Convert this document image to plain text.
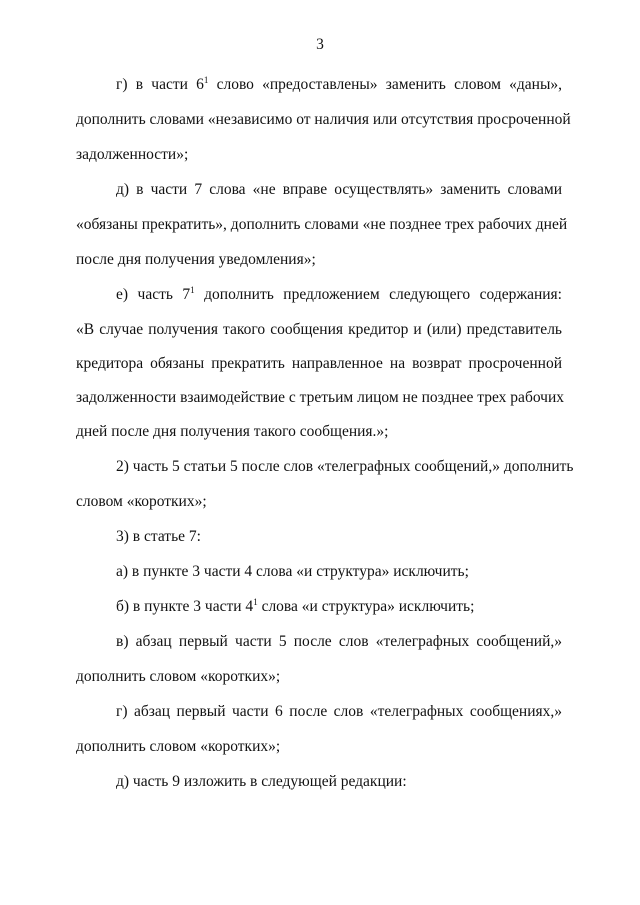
3
г) в части $6^1$ слово «предоставлены» заменить словом «даны»,
дополнить словами «независимо от наличия или отсутствия просроченной
задолженности»;
д) в части 7 слова «не вправе осуществлять» заменить словами
«обязаны прекратить», дополнить словами «не позднее трех рабочих дней
после дня получения уведомления»;
е) часть $7^1$ дополнить предложением следующего содержания:
«В случае получения такого сообщения кредитор и (или) представитель
кредитора обязаны прекратить направленное на возврат просроченной
задолженности взаимодействие с третьим лицом не позднее трех рабочих
дней после дня получения такого сообщения.»;
2) часть 5 статьи 5 после слов «телеграфных сообщений,» дополнить
словом «коротких»;
3) в статье 7:
а) в пункте 3 части 4 слова «и структура» исключить;
б) в пункте 3 части $4^1$ слова «и структура» исключить;
в) абзац первый части 5 после слов «телеграфных сообщений,»
дополнить словом «коротких»;
г) абзац первый части 6 после слов «телеграфных сообщениях,»
дополнить словом «коротких»;
д) часть 9 изложить в следующей редакции:
